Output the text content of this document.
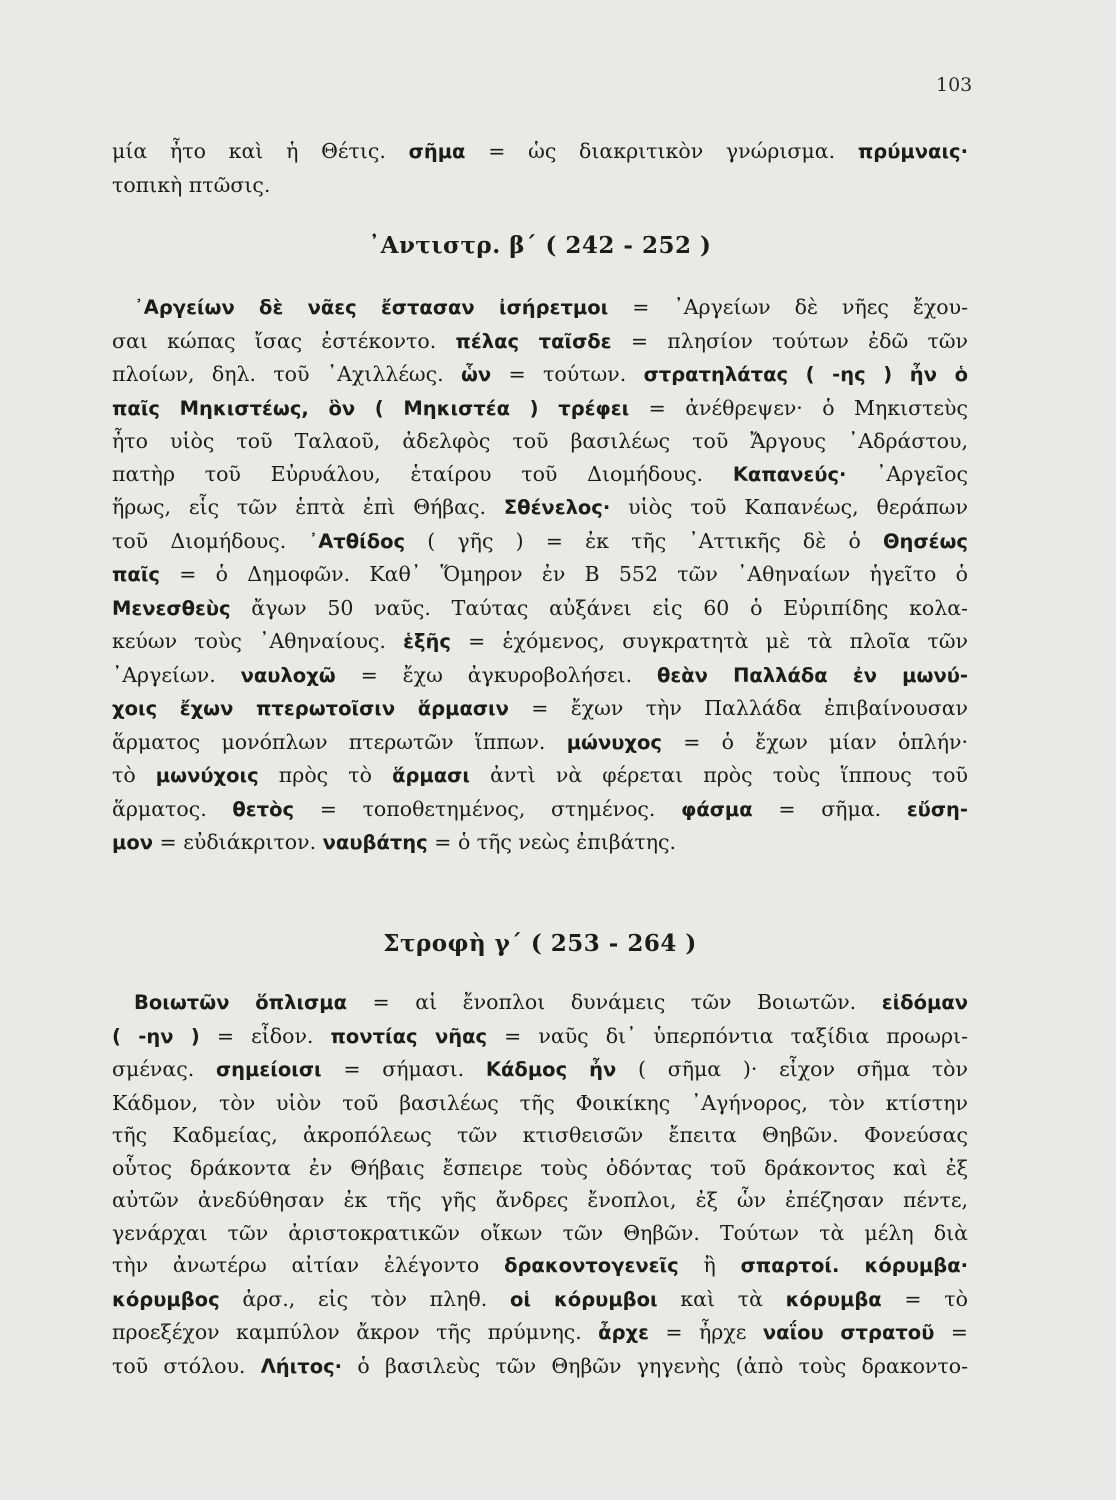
103
μία ἦτο καὶ ἡ Θέτις. σῆμα = ὡς διακριτικὸν γνώρισμα. πρύμναις·
τοπικὴ πτῶσις.
᾿Αντιστρ. β΄ ( 242 - 252 )
᾿Αργείων δὲ νᾶες ἔστασαν ἰσήρετμοι = ᾿Αργείων δὲ νῆες ἔχου-
σαι κώπας ἴσας ἐστέκοντο. πέλας ταῖσδε = πλησίον τούτων ἐδῶ τῶν
πλοίων, δηλ. τοῦ ᾿Αχιλλέως. ὧν = τούτων. στρατηλάτας ( -ης ) ἦν ὁ
παῖς Μηκιστέως, ὃν ( Μηκιστέα ) τρέφει = ἀνέθρεψεν· ὁ Μηκιστεὺς
ἦτο υἱὸς τοῦ Ταλαοῦ, ἀδελφὸς τοῦ βασιλέως τοῦ Ἄργους ᾿Αδράστου,
πατὴρ τοῦ Εὐρυάλου, ἑταίρου τοῦ Διομήδους. Καπανεύς· ᾿Αργεῖος
ἥρως, εἷς τῶν ἑπτὰ ἐπὶ Θήβας. Σθένελος· υἱὸς τοῦ Καπανέως, θεράπων
τοῦ Διομήδους. ᾿Ατθίδος ( γῆς ) = ἐκ τῆς ᾿Αττικῆς δὲ ὁ Θησέως
παῖς = ὁ Δημοφῶν. Καθ᾿ Ὅμηρον ἐν Β 552 τῶν ᾿Αθηναίων ἡγεῖτο ὁ
Μενεσθεὺς ἄγων 50 ναῦς. Ταύτας αὐξάνει εἰς 60 ὁ Εὐριπίδης κολα-
κεύων τοὺς ᾿Αθηναίους. ἑξῆς = ἑχόμενος, συγκρατητὰ μὲ τὰ πλοῖα τῶν
᾿Αργείων. ναυλοχῶ = ἔχω ἀγκυροβολήσει. θεὰν Παλλάδα ἐν μωνύ-
χοις ἔχων πτερωτοῖσιν ἅρμασιν = ἔχων τὴν Παλλάδα ἐπιβαίνουσαν
ἅρματος μονόπλων πτερωτῶν ἵππων. μώνυχος = ὁ ἔχων μίαν ὁπλήν·
τὸ μωνύχοις πρὸς τὸ ἅρμασι ἀντὶ νὰ φέρεται πρὸς τοὺς ἵππους τοῦ
ἅρματος. θετὸς = τοποθετημένος, στημένος. φάσμα = σῆμα. εὔση-
μον = εὐδιάκριτον. ναυβάτης = ὁ τῆς νεὼς ἐπιβάτης.
Στροφὴ γ΄ ( 253 - 264 )
Βοιωτῶν ὅπλισμα = αἱ ἔνοπλοι δυνάμεις τῶν Βοιωτῶν. εἰδόμαν
( -ην ) = εἶδον. ποντίας νῆας = ναῦς δι᾿ ὑπερπόντια ταξίδια προωρι-
σμένας. σημείοισι = σήμασι. Κάδμος ἦν ( σῆμα )· εἶχον σῆμα τὸν
Κάδμον, τὸν υἱὸν τοῦ βασιλέως τῆς Φοικίκης ᾿Αγήνορος, τὸν κτίστην
τῆς Καδμείας, ἀκροπόλεως τῶν κτισθεισῶν ἔπειτα Θηβῶν. Φονεύσας
οὗτος δράκοντα ἐν Θήβαις ἔσπειρε τοὺς ὀδόντας τοῦ δράκοντος καὶ ἐξ
αὐτῶν ἀνεδύθησαν ἐκ τῆς γῆς ἄνδρες ἔνοπλοι, ἐξ ὧν ἐπέζησαν πέντε,
γενάρχαι τῶν ἀριστοκρατικῶν οἴκων τῶν Θηβῶν. Τούτων τὰ μέλη διὰ
τὴν ἀνωτέρω αἰτίαν ἐλέγοντο δρακοντογενεῖς ἢ σπαρτοί. κόρυμβα·
κόρυμβος ἀρσ., εἰς τὸν πληθ. οἱ κόρυμβοι καὶ τὰ κόρυμβα = τὸ
προεξέχον καμπύλον ἄκρον τῆς πρύμνης. ἆρχε = ἦρχε ναΐου στρατοῦ =
τοῦ στόλου. Λήιτος· ὁ βασιλεὺς τῶν Θηβῶν γηγενὴς (ἀπὸ τοὺς δρακοντο-
